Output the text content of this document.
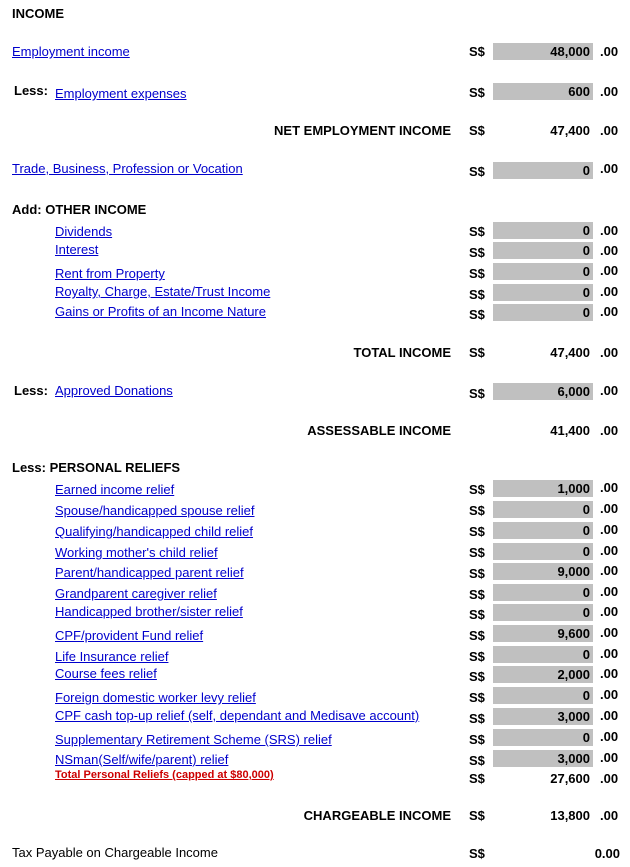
INCOME
Employment income	S$	48,000 .00
Less: Employment expenses	S$	600 .00
NET EMPLOYMENT INCOME S$	47,400 .00
Trade, Business, Profession or Vocation	S$	0 .00
Add: OTHER INCOME
Dividends	S$	0 .00
Interest	S$	0 .00
Rent from Property	S$	0 .00
Royalty, Charge, Estate/Trust Income	S$	0 .00
Gains or Profits of an Income Nature	S$	0 .00
TOTAL INCOME S$	47,400 .00
Less: Approved Donations	S$	6,000 .00
ASSESSABLE INCOME	41,400 .00
Less: PERSONAL RELIEFS
Earned income relief	S$	1,000 .00
Spouse/handicapped spouse relief	S$	0 .00
Qualifying/handicapped child relief	S$	0 .00
Working mother's child relief	S$	0 .00
Parent/handicapped parent relief	S$	9,000 .00
Grandparent caregiver relief	S$	0 .00
Handicapped brother/sister relief	S$	0 .00
CPF/provident Fund relief	S$	9,600 .00
Life Insurance relief	S$	0 .00
Course fees relief	S$	2,000 .00
Foreign domestic worker levy relief	S$	0 .00
CPF cash top-up relief (self, dependant and Medisave account)	S$	3,000 .00
Supplementary Retirement Scheme (SRS) relief	S$	0 .00
NSman(Self/wife/parent) relief	S$	3,000 .00
Total Personal Reliefs (capped at $80,000)	S$	27,600 .00
CHARGEABLE INCOME S$	13,800 .00
Tax Payable on Chargeable Income	S$	0.00
